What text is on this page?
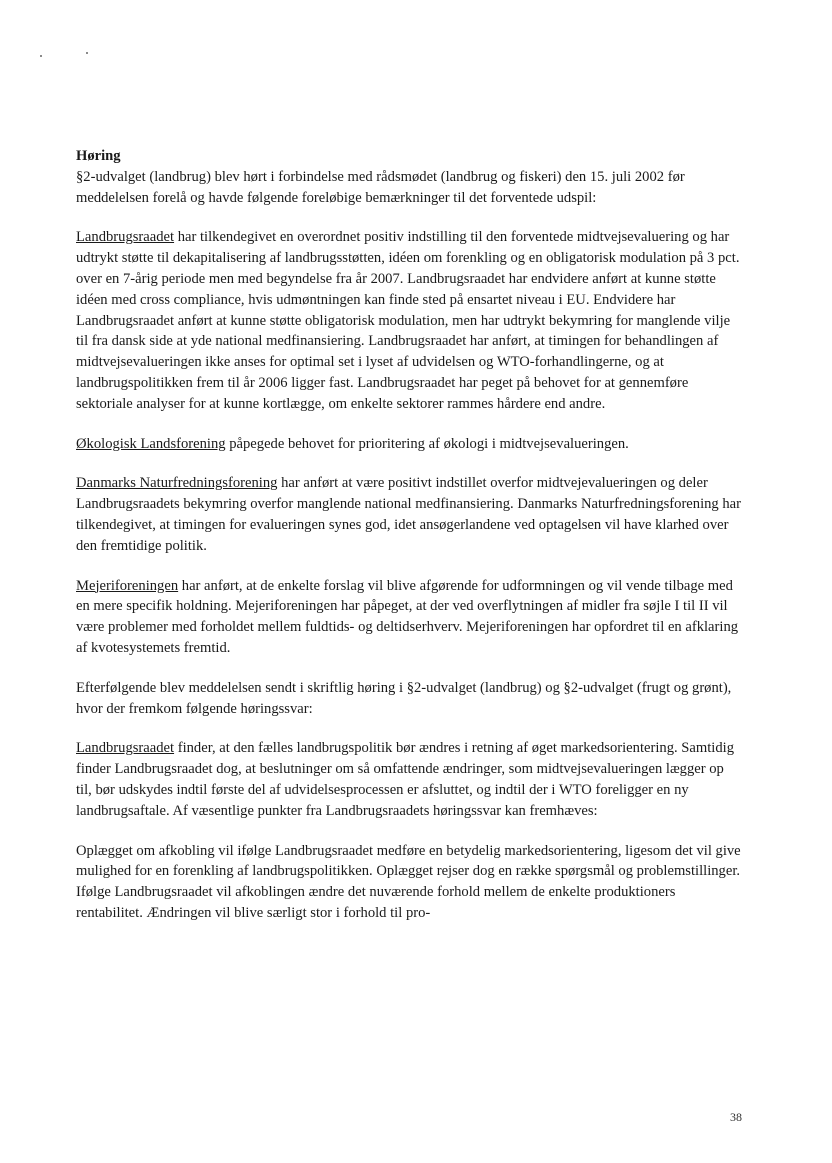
Høring

§2-udvalget (landbrug) blev hørt i forbindelse med rådsmødet (landbrug og fiskeri) den 15. juli 2002 før meddelelsen forelå og havde følgende foreløbige bemærkninger til det forventede udspil:

Landbrugsraadet har tilkendegivet en overordnet positiv indstilling til den forventede midtvejsevaluering og har udtrykt støtte til dekapitalisering af landbrugsstøtten, idéen om forenkling og en obligatorisk modulation på 3 pct. over en 7-årig periode men med begyndelse fra år 2007. Landbrugsraadet har endvidere anført at kunne støtte idéen med cross compliance, hvis udmøntningen kan finde sted på ensartet niveau i EU. Endvidere har Landbrugsraadet anført at kunne støtte obligatorisk modulation, men har udtrykt bekymring for manglende vilje til fra dansk side at yde national medfinansiering. Landbrugsraadet har anført, at timingen for behandlingen af midtvejsevalueringen ikke anses for optimal set i lyset af udvidelsen og WTO-forhandlingerne, og at landbrugspolitikken frem til år 2006 ligger fast. Landbrugsraadet har peget på behovet for at gennemføre sektoriale analyser for at kunne kortlægge, om enkelte sektorer rammes hårdere end andre.

Økologisk Landsforening påpegede behovet for prioritering af økologi i midtvejsevalueringen.

Danmarks Naturfredningsforening har anført at være positivt indstillet overfor midtvejevalueringen og deler Landbrugsraadets bekymring overfor manglende national medfinansiering. Danmarks Naturfredningsforening har tilkendegivet, at timingen for evalueringen synes god, idet ansøgerlandene ved optagelsen vil have klarhed over den fremtidige politik.

Mejeriforeningen har anført, at de enkelte forslag vil blive afgørende for udformningen og vil vende tilbage med en mere specifik holdning. Mejeriforeningen har påpeget, at der ved overflytningen af midler fra søjle I til II vil være problemer med forholdet mellem fuldtids- og deltidserhverv. Mejeriforeningen har opfordret til en afklaring af kvotesystemets fremtid.

Efterfølgende blev meddelelsen sendt i skriftlig høring i §2-udvalget (landbrug) og §2-udvalget (frugt og grønt), hvor der fremkom følgende høringssvar:

Landbrugsraadet finder, at den fælles landbrugspolitik bør ændres i retning af øget markedsorientering. Samtidig finder Landbrugsraadet dog, at beslutninger om så omfattende ændringer, som midtvejsevalueringen lægger op til, bør udskydes indtil første del af udvidelsesprocessen er afsluttet, og indtil der i WTO foreligger en ny landbrugsaftale. Af væsentlige punkter fra Landbrugsraadets høringssvar kan fremhæves:

Oplægget om afkobling vil ifølge Landbrugsraadet medføre en betydelig markedsorientering, ligesom det vil give mulighed for en forenkling af landbrugspolitikken. Oplægget rejser dog en række spørgsmål og problemstillinger. Ifølge Landbrugsraadet vil afkoblingen ændre det nuværende forhold mellem de enkelte produktioners rentabilitet. Ændringen vil blive særligt stor i forhold til pro-

38
